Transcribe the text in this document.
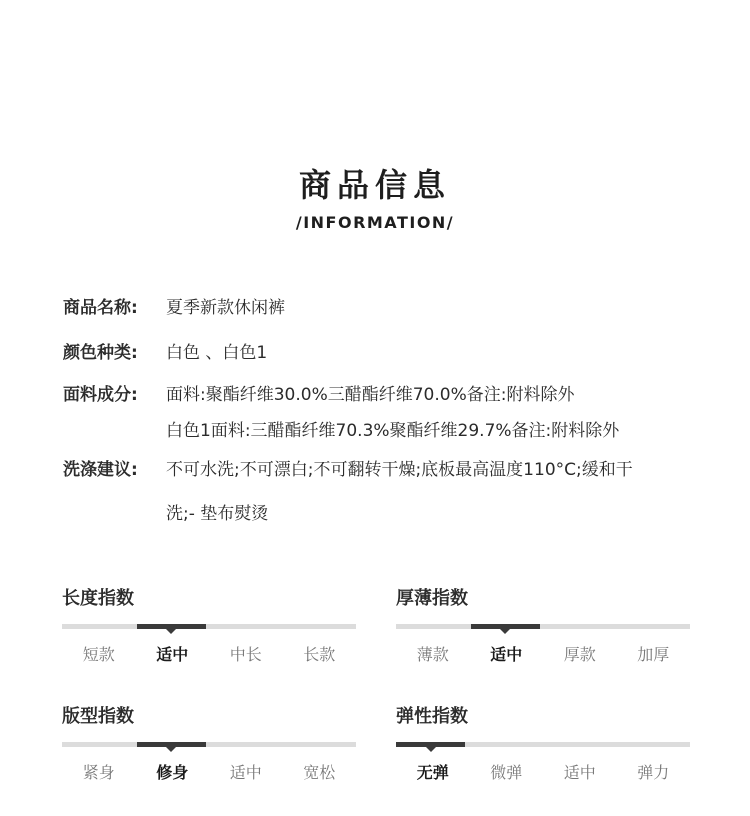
商品信息
/INFORMATION/
商品名称: 夏季新款休闲裤
颜色种类: 白色 、白色1
面料成分: 面料:聚酯纤维30.0%三醋酯纤维70.0%备注:附料除外
白色1面料:三醋酯纤维70.3%聚酯纤维29.7%备注:附料除外
洗涤建议: 不可水洗;不可漂白;不可翻转干燥;底板最高温度110°C;缓和干
洗;- 垫布熨烫
长度指数
短款	适中	中长	长款
厚薄指数
薄款	适中	厚款	加厚
版型指数
紧身	修身	适中	宽松
弹性指数
无弹	微弹	适中	弹力
